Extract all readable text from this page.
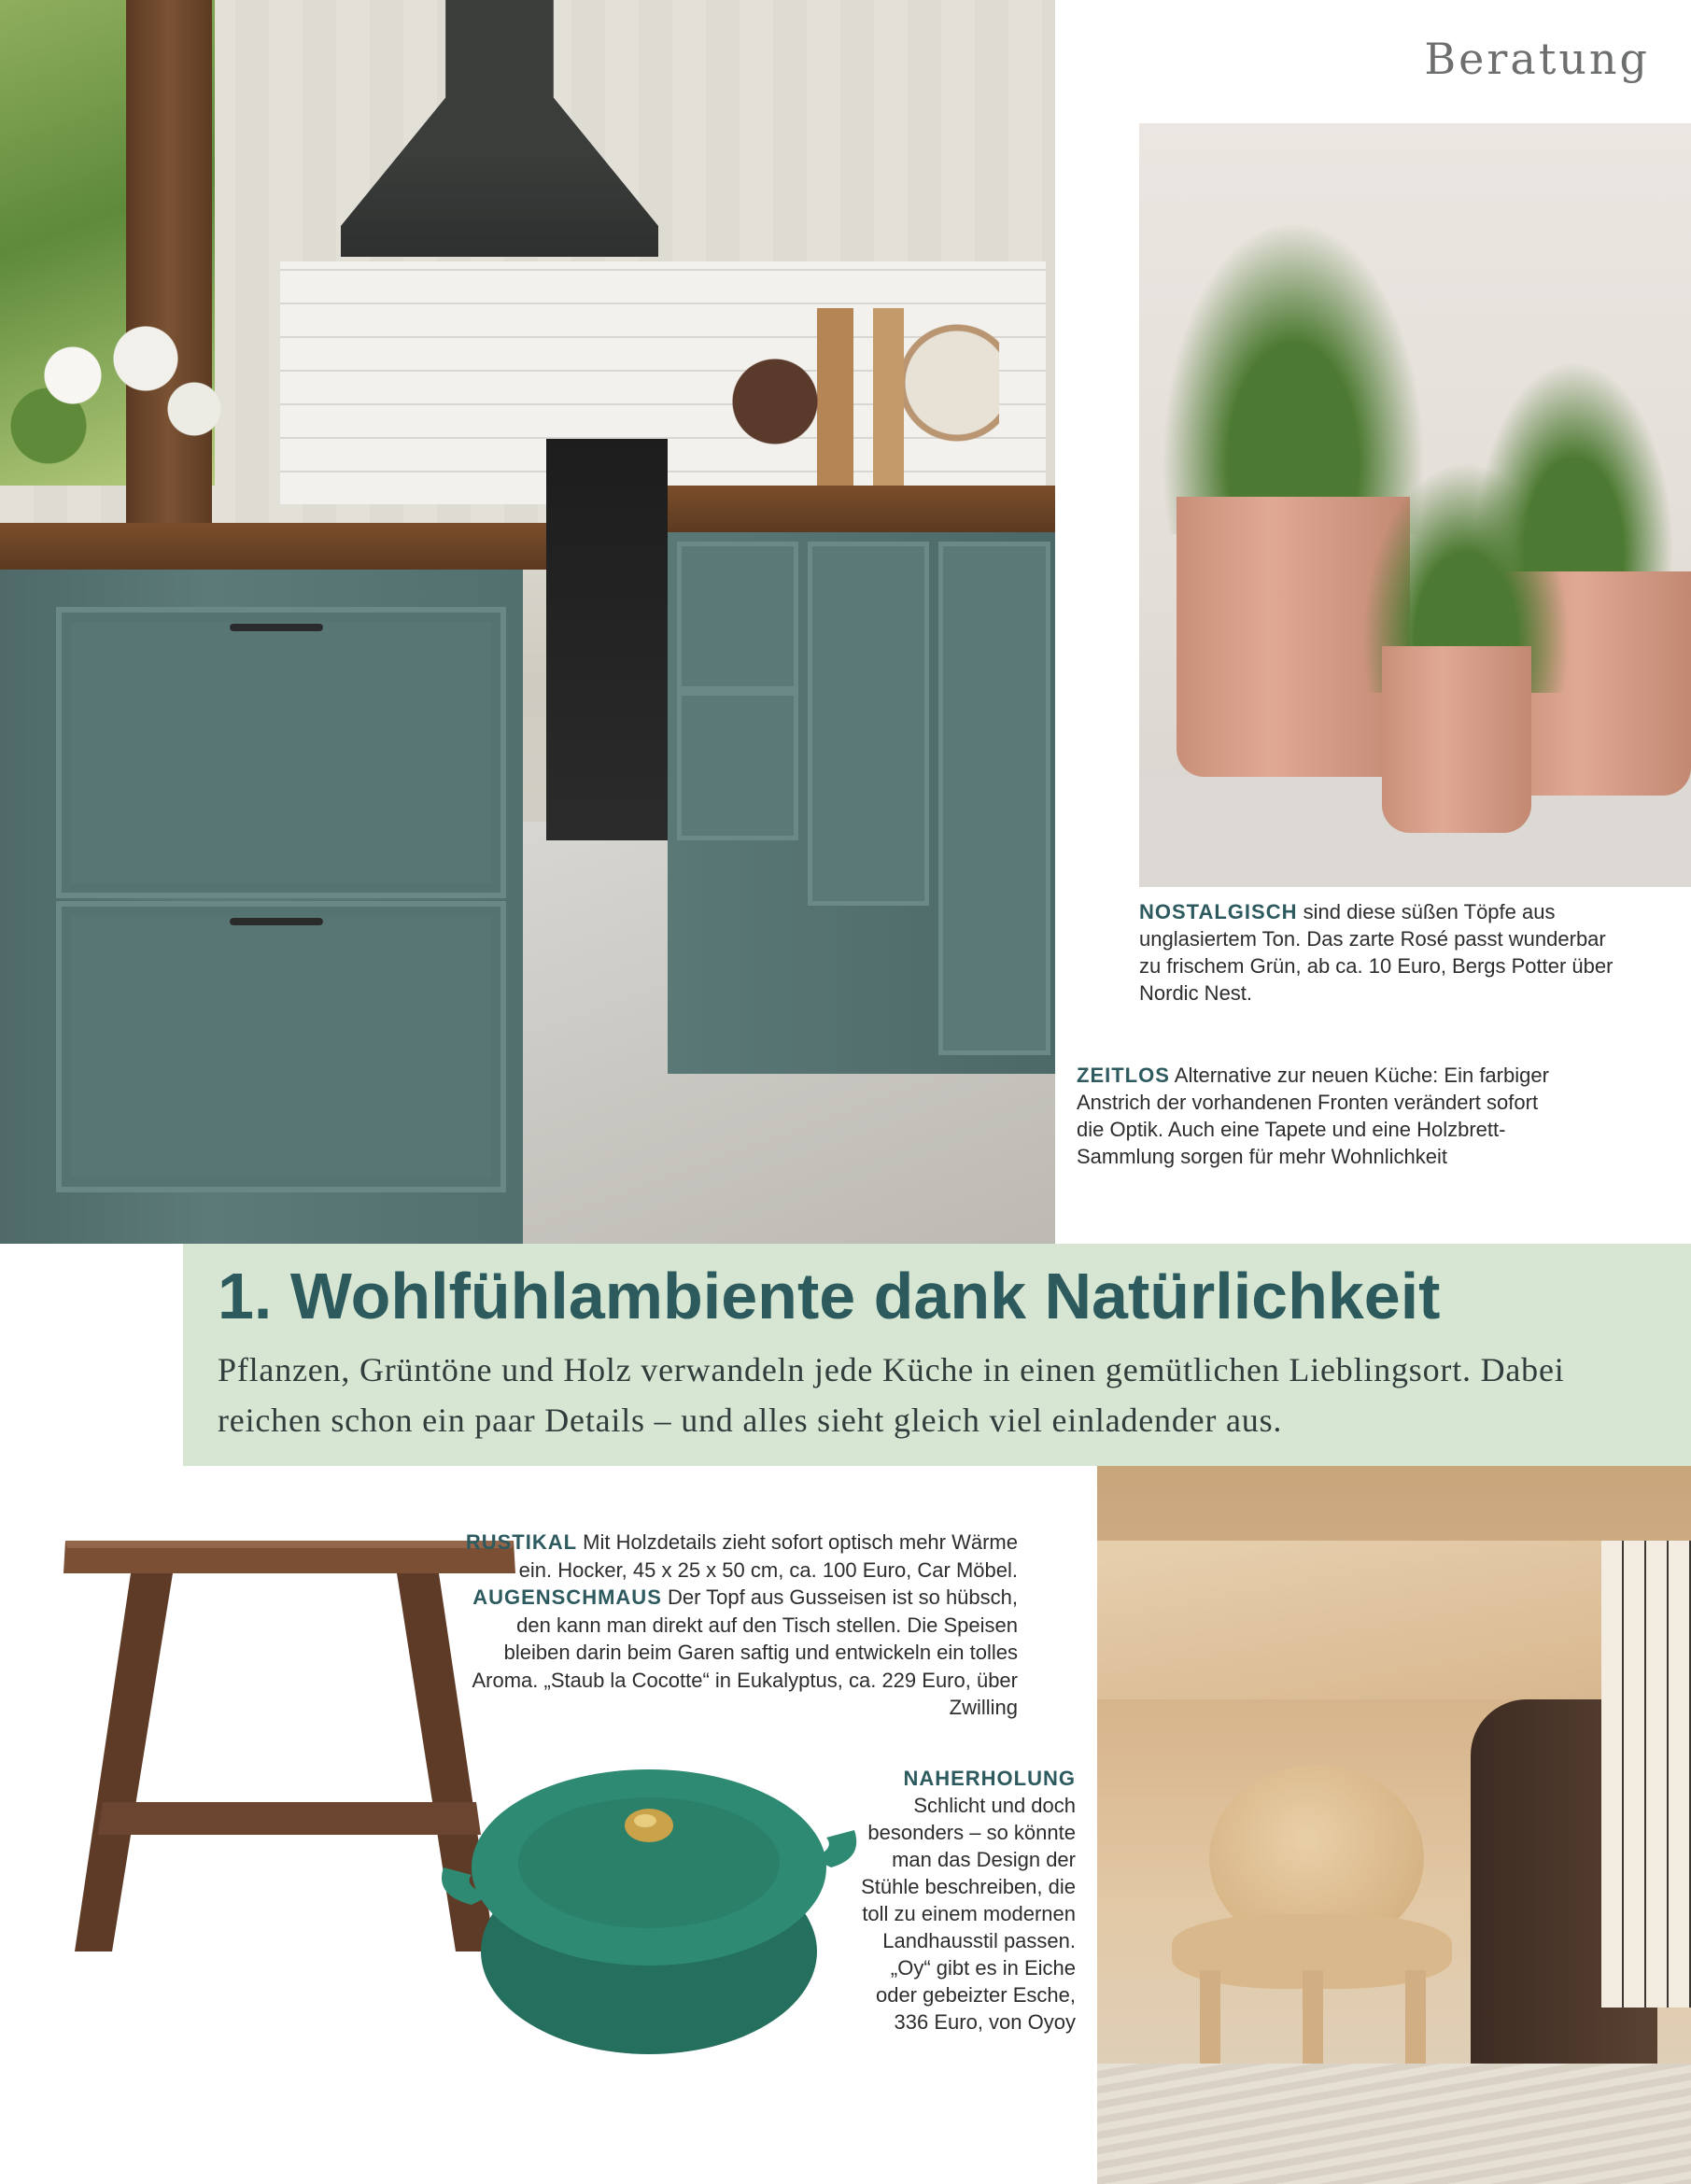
Beratung
NOSTALGISCH sind diese süßen Töpfe aus unglasiertem Ton. Das zarte Rosé passt wunderbar zu frischem Grün, ab ca. 10 Euro, Bergs Potter über Nordic Nest.
ZEITLOS Alternative zur neuen Küche: Ein farbiger Anstrich der vorhandenen Fronten verändert sofort die Optik. Auch eine Tapete und eine Holzbrett-Sammlung sorgen für mehr Wohnlichkeit
1. Wohlfühlambiente dank Natürlichkeit

Pflanzen, Grüntöne und Holz verwandeln jede Küche in einen gemütlichen Lieblingsort. Dabei reichen schon ein paar Details – und alles sieht gleich viel einladender aus.

RUSTIKAL Mit Holzdetails zieht sofort optisch mehr Wärme ein. Hocker, 45 x 25 x 50 cm, ca. 100 Euro, Car Möbel. AUGENSCHMAUS Der Topf aus Gusseisen ist so hübsch, den kann man direkt auf den Tisch stellen. Die Speisen bleiben darin beim Garen saftig und entwickeln ein tolles Aroma. „Staub la Cocotte“ in Eukalyptus, ca. 229 Euro, über Zwilling
NAHERHOLUNG
Schlicht und doch besonders – so könnte man das Design der Stühle beschreiben, die toll zu einem modernen Landhausstil passen. „Oy“ gibt es in Eiche oder gebeizter Esche, 336 Euro, von Oyoy
